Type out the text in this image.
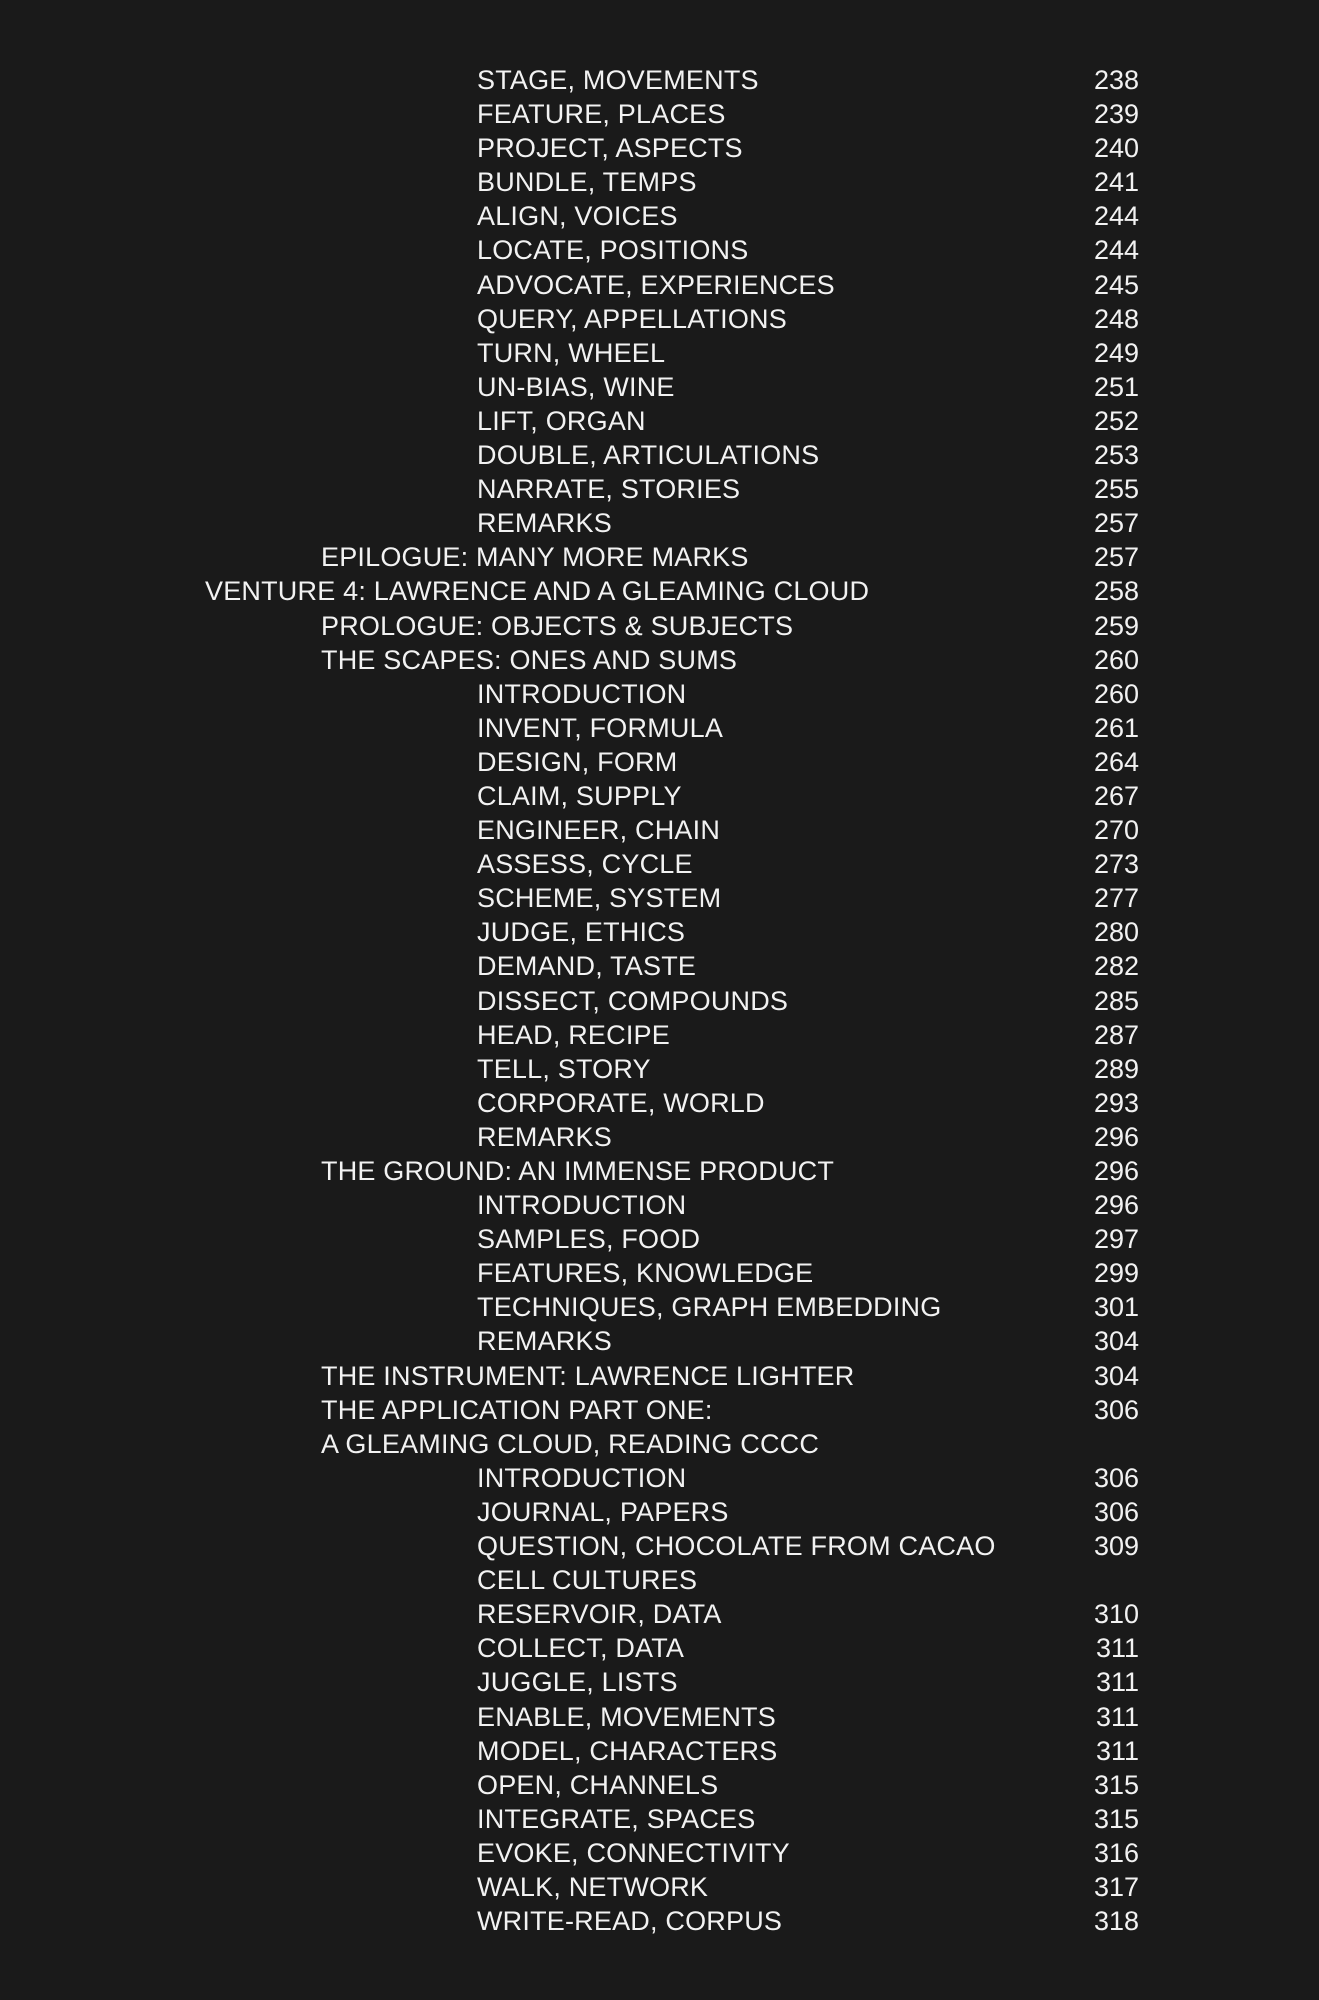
STAGE, MOVEMENTS	238
FEATURE, PLACES	239
PROJECT, ASPECTS	240
BUNDLE, TEMPS	241
ALIGN, VOICES	244
LOCATE, POSITIONS	244
ADVOCATE, EXPERIENCES	245
QUERY, APPELLATIONS	248
TURN, WHEEL	249
UN-BIAS, WINE	251
LIFT, ORGAN	252
DOUBLE, ARTICULATIONS	253
NARRATE, STORIES	255
REMARKS	257
EPILOGUE: MANY MORE MARKS	257
VENTURE 4: LAWRENCE AND A GLEAMING CLOUD	258
PROLOGUE: OBJECTS & SUBJECTS	259
THE SCAPES: ONES AND SUMS	260
INTRODUCTION	260
INVENT, FORMULA	261
DESIGN, FORM	264
CLAIM, SUPPLY	267
ENGINEER, CHAIN	270
ASSESS, CYCLE	273
SCHEME, SYSTEM	277
JUDGE, ETHICS	280
DEMAND, TASTE	282
DISSECT, COMPOUNDS	285
HEAD, RECIPE	287
TELL, STORY	289
CORPORATE, WORLD	293
REMARKS	296
THE GROUND: AN IMMENSE PRODUCT	296
INTRODUCTION	296
SAMPLES, FOOD	297
FEATURES, KNOWLEDGE	299
TECHNIQUES, GRAPH EMBEDDING	301
REMARKS	304
THE INSTRUMENT: LAWRENCE LIGHTER	304
THE APPLICATION PART ONE:	306
A GLEAMING CLOUD, READING CCCC
INTRODUCTION	306
JOURNAL, PAPERS	306
QUESTION, CHOCOLATE FROM CACAO	309
CELL CULTURES
RESERVOIR, DATA	310
COLLECT, DATA	311
JUGGLE, LISTS	311
ENABLE, MOVEMENTS	311
MODEL, CHARACTERS	311
OPEN, CHANNELS	315
INTEGRATE, SPACES	315
EVOKE, CONNECTIVITY	316
WALK, NETWORK	317
WRITE-READ, CORPUS	318
